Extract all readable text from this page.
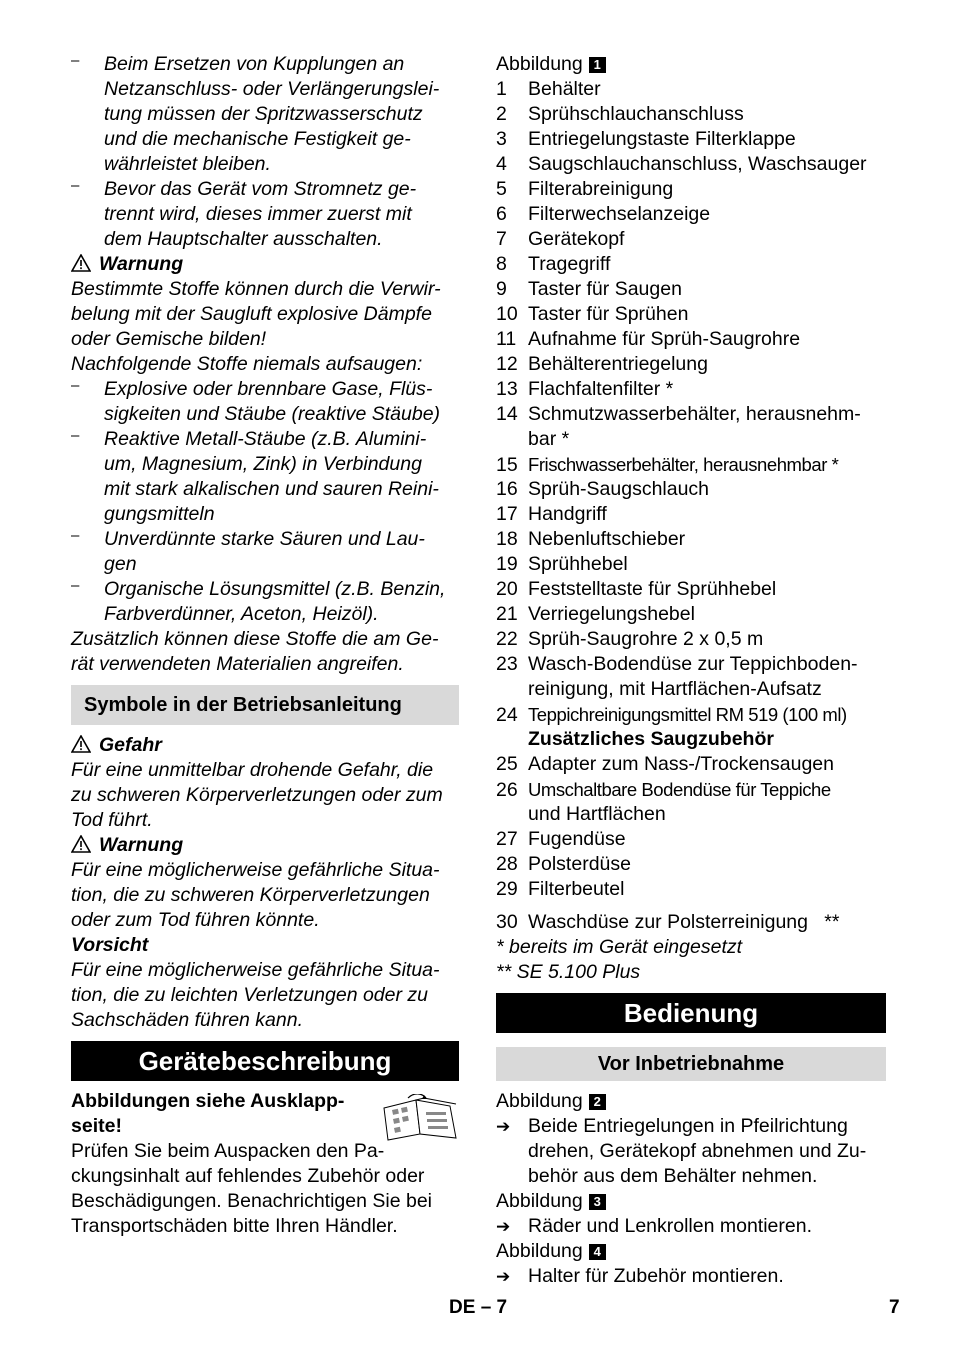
– Beim Ersetzen von Kupplungen an
Netzanschluss- oder Verlängerungslei-
tung müssen der Spritzwasserschutz
und die mechanische Festigkeit ge-
währleistet bleiben.
– Bevor das Gerät vom Stromnetz ge-
trennt wird, dieses immer zuerst mit
dem Hauptschalter ausschalten.
Warnung
Bestimmte Stoffe können durch die Verwir-
belung mit der Saugluft explosive Dämpfe
oder Gemische bilden!
Nachfolgende Stoffe niemals aufsaugen:
– Explosive oder brennbare Gase, Flüs-
sigkeiten und Stäube (reaktive Stäube)
– Reaktive Metall-Stäube (z.B. Alumini-
um, Magnesium, Zink) in Verbindung
mit stark alkalischen und sauren Reini-
gungsmitteln
– Unverdünnte starke Säuren und Lau-
gen
– Organische Lösungsmittel (z.B. Benzin,
Farbverdünner, Aceton, Heizöl).
Zusätzlich können diese Stoffe die am Ge-
rät verwendeten Materialien angreifen.
Symbole in der Betriebsanleitung
Gefahr
Für eine unmittelbar drohende Gefahr, die
zu schweren Körperverletzungen oder zum
Tod führt.
Warnung
Für eine möglicherweise gefährliche Situa-
tion, die zu schweren Körperverletzungen
oder zum Tod führen könnte.
Vorsicht
Für eine möglicherweise gefährliche Situa-
tion, die zu leichten Verletzungen oder zu
Sachschäden führen kann.
Gerätebeschreibung
Abbildungen siehe Ausklapp-
seite!
Prüfen Sie beim Auspacken den Pa-
ckungsinhalt auf fehlendes Zubehör oder
Beschädigungen. Benachrichtigen Sie bei
Transportschäden bitte Ihren Händler.
Abbildung 1
1 Behälter
2 Sprühschlauchanschluss
3 Entriegelungstaste Filterklappe
4 Saugschlauchanschluss, Waschsauger
5 Filterabreinigung
6 Filterwechselanzeige
7 Gerätekopf
8 Tragegriff
9 Taster für Saugen
10 Taster für Sprühen
11 Aufnahme für Sprüh-Saugrohre
12 Behälterentriegelung
13 Flachfaltenfilter *
14 Schmutzwasserbehälter, herausnehm-
bar *
15 Frischwasserbehälter, herausnehmbar *
16 Sprüh-Saugschlauch
17 Handgriff
18 Nebenluftschieber
19 Sprühhebel
20 Feststelltaste für Sprühhebel
21 Verriegelungshebel
22 Sprüh-Saugrohre 2 x 0,5 m
23 Wasch-Bodendüse zur Teppichboden-
reinigung, mit Hartflächen-Aufsatz
24 Teppichreinigungsmittel RM 519 (100 ml)
Zusätzliches Saugzubehör
25 Adapter zum Nass-/Trockensaugen
26 Umschaltbare Bodendüse für Teppiche
und Hartflächen
27 Fugendüse
28 Polsterdüse
29 Filterbeutel
30 Waschdüse zur Polsterreinigung   **
* bereits im Gerät eingesetzt
** SE 5.100 Plus
Bedienung
Vor Inbetriebnahme
Abbildung 2
➔ Beide Entriegelungen in Pfeilrichtung
drehen, Gerätekopf abnehmen und Zu-
behör aus dem Behälter nehmen.
Abbildung 3
➔ Räder und Lenkrollen montieren.
Abbildung 4
➔ Halter für Zubehör montieren.
DE – 7	7
